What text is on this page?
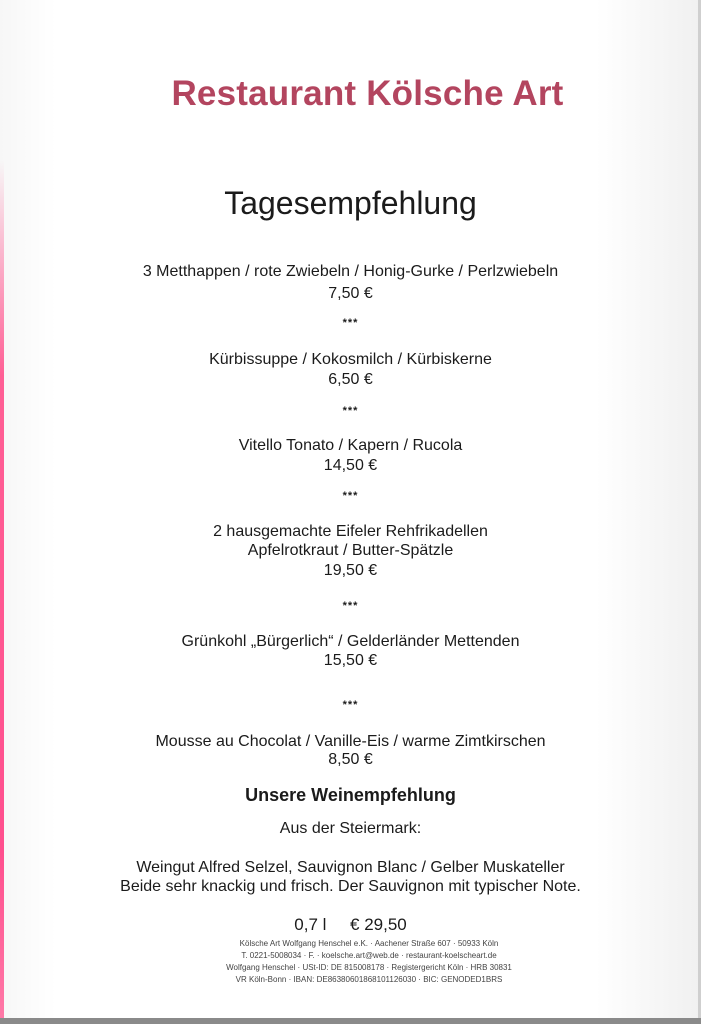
Restaurant Kölsche Art
Tagesempfehlung
3 Metthappen / rote Zwiebeln / Honig-Gurke / Perlzwiebeln
7,50 €
***
Kürbissuppe / Kokosmilch / Kürbiskerne
6,50 €
***
Vitello Tonato / Kapern / Rucola
14,50 €
***
2 hausgemachte Eifeler Rehfrikadellen
Apfelrotkraut / Butter-Spätzle
19,50 €
***
Grünkohl „Bürgerlich“ / Gelderländer Mettenden
15,50 €
***
Mousse au Chocolat / Vanille-Eis / warme Zimtkirschen
8,50 €
Unsere Weinempfehlung
Aus der Steiermark:
Weingut Alfred Selzel, Sauvignon Blanc / Gelber Muskateller
Beide sehr knackig und frisch. Der Sauvignon mit typischer Note.
0,7 l     € 29,50
Kölsche Art Wolfgang Henschel e.K. · Aachener Straße 607 · 50933 Köln
T. 0221-5008034 · F. · koelsche.art@web.de · restaurant-koelscheart.de
Wolfgang Henschel · USt-ID: DE 815008178 · Registergericht Köln · HRB 30831
VR Köln-Bonn · IBAN: DE86380601868101126030 · BIC: GENODED1BRS
